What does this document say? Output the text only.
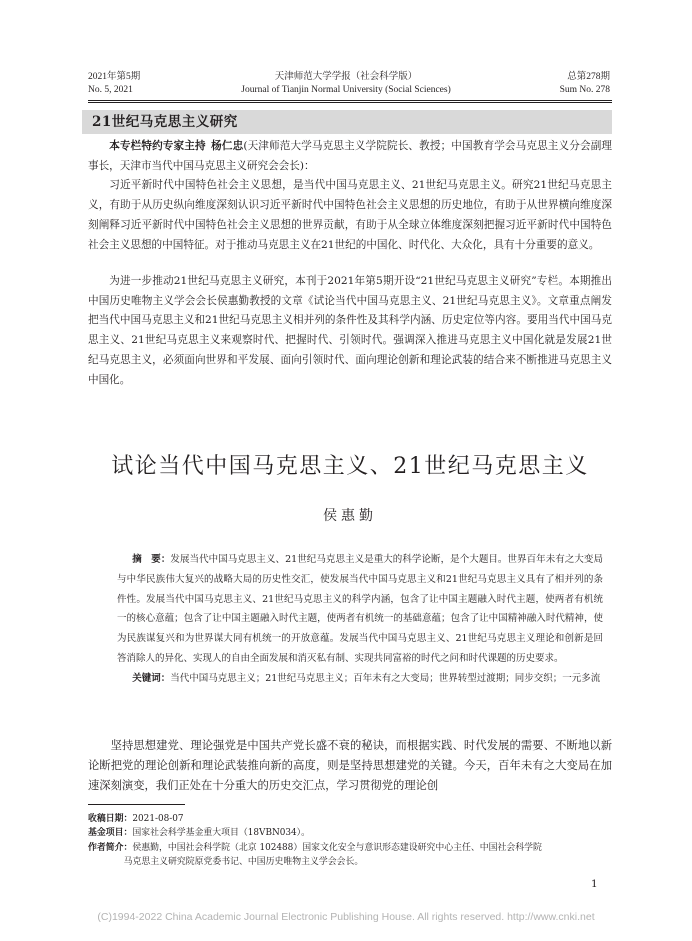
2021年第5期
No. 5, 2021
天津师范大学学报（社会科学版）
Journal of Tianjin Normal University (Social Sciences)
总第278期
Sum No. 278
21世纪马克思主义研究

本专栏特约专家主持  杨仁忠(天津师范大学马克思主义学院院长、教授；中国教育学会马克思主义分会副理事长，天津市当代中国马克思主义研究会会长)：

习近平新时代中国特色社会主义思想，是当代中国马克思主义、21世纪马克思主义。研究21世纪马克思主义，有助于从历史纵向维度深刻认识习近平新时代中国特色社会主义思想的历史地位，有助于从世界横向维度深刻阐释习近平新时代中国特色社会主义思想的世界贡献，有助于从全球立体维度深刻把握习近平新时代中国特色社会主义思想的中国特征。对于推动马克思主义在21世纪的中国化、时代化、大众化，具有十分重要的意义。

为进一步推动21世纪马克思主义研究，本刊于2021年第5期开设“21世纪马克思主义研究”专栏。本期推出中国历史唯物主义学会会长侯惠勤教授的文章《试论当代中国马克思主义、21世纪马克思主义》。文章重点阐发把当代中国马克思主义和21世纪马克思主义相并列的条件性及其科学内涵、历史定位等内容。要用当代中国马克思主义、21世纪马克思主义来观察时代、把握时代、引领时代。强调深入推进马克思主义中国化就是发展21世纪马克思主义，必须面向世界和平发展、面向引领时代、面向理论创新和理论武装的结合来不断推进马克思主义中国化。

试论当代中国马克思主义、21世纪马克思主义
侯惠勤

摘　要：发展当代中国马克思主义、21世纪马克思主义是重大的科学论断，是个大题目。世界百年未有之大变局与中华民族伟大复兴的战略大局的历史性交汇，使发展当代中国马克思主义和21世纪马克思主义具有了相并列的条件性。发展当代中国马克思主义、21世纪马克思主义的科学内涵，包含了让中国主题融入时代主题，使两者有机统一的核心意蕴；包含了让中国主题融入时代主题，使两者有机统一的基础意蕴；包含了让中国精神融入时代精神，使为民族谋复兴和为世界谋大同有机统一的开放意蕴。发展当代中国马克思主义、21世纪马克思主义理论和创新是回答消除人的异化、实现人的自由全面发展和消灭私有制、实现共同富裕的时代之问和时代课题的历史要求。

关键词：当代中国马克思主义；21世纪马克思主义；百年未有之大变局；世界转型过渡期；同步交织；一元多流

坚持思想建党、理论强党是中国共产党长盛不衰的秘诀，而根据实践、时代发展的需要、不断地以新论断把党的理论创新和理论武装推向新的高度，则是坚持思想建党的关键。今天，百年未有之大变局在加速深刻演变，我们正处在十分重大的历史交汇点，学习贯彻党的理论创

收稿日期：2021-08-07

基金项目：国家社会科学基金重大项目（18VBN034）。

作者简介：侯惠勤，中国社会科学院（北京 102488）国家文化安全与意识形态建设研究中心主任、中国社会科学院

马克思主义研究院原党委书记、中国历史唯物主义学会会长。

1
(C)1994-2022 China Academic Journal Electronic Publishing House. All rights reserved. http://www.cnki.net
